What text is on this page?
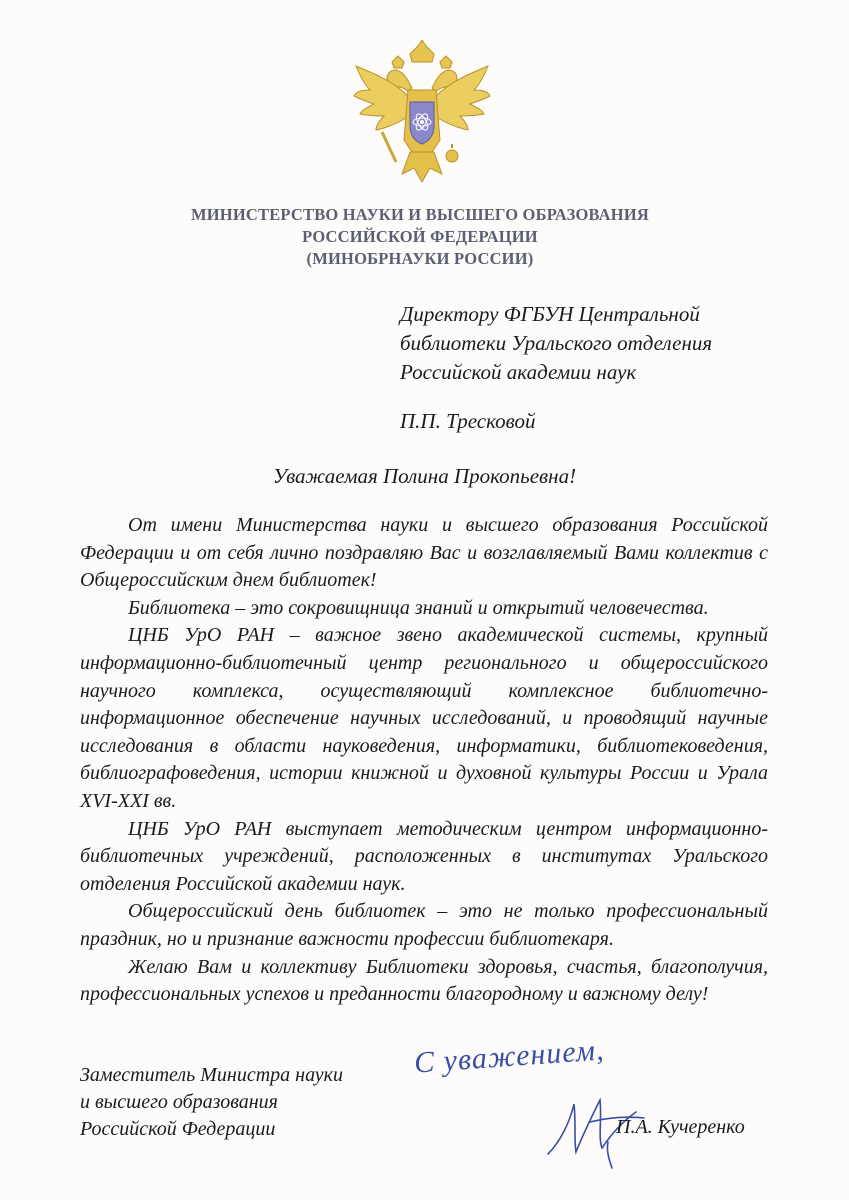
МИНИСТЕРСТВО НАУКИ И ВЫСШЕГО ОБРАЗОВАНИЯ
РОССИЙСКОЙ ФЕДЕРАЦИИ
(МИНОБРНАУКИ РОССИИ)
Директору ФГБУН Центральной
библиотеки Уральского отделения
Российской академии наук
П.П. Тресковой
Уважаемая Полина Прокопьевна!

От имени Министерства науки и высшего образования Российской Федерации и от себя лично поздравляю Вас и возглавляемый Вами коллектив с Общероссийским днем библиотек!

Библиотека – это сокровищница знаний и открытий человечества.

ЦНБ УрО РАН – важное звено академической системы, крупный информационно-библиотечный центр регионального и общероссийского научного комплекса, осуществляющий комплексное библиотечно-информационное обеспечение научных исследований, и проводящий научные исследования в области науковедения, информатики, библиотековедения, библиографоведения, истории книжной и духовной культуры России и Урала XVI-XXI вв.

ЦНБ УрО РАН выступает методическим центром информационно-библиотечных учреждений, расположенных в институтах Уральского отделения Российской академии наук.

Общероссийский день библиотек – это не только профессиональный праздник, но и признание важности профессии библиотекаря.

Желаю Вам и коллективу Библиотеки здоровья, счастья, благополучия, профессиональных успехов и преданности благородному и важному делу!

Заместитель Министра науки
и высшего образования
Российской Федерации
С уважением,
П.А. Кучеренко
